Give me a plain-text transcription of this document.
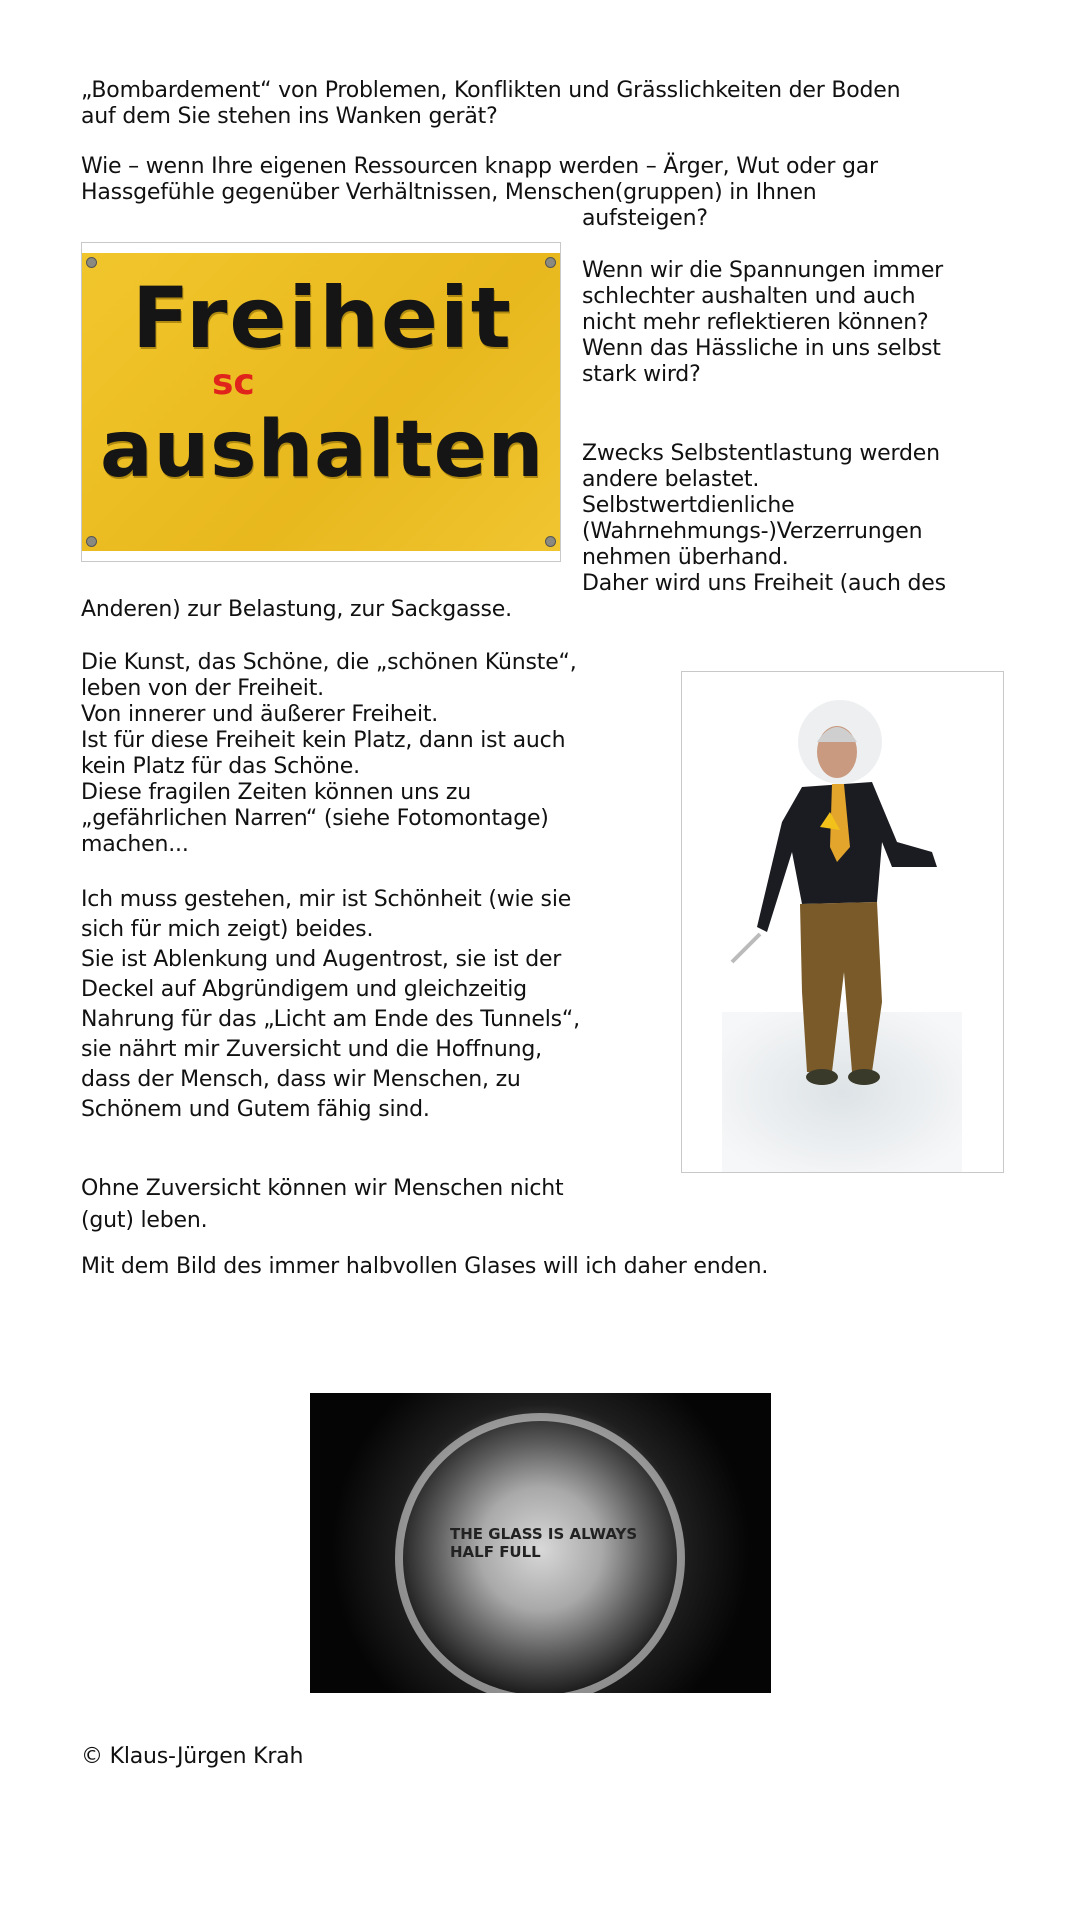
„Bombardement“ von Problemen, Konflikten und Grässlichkeiten der Boden
auf dem Sie stehen ins Wanken gerät?
Wie – wenn Ihre eigenen Ressourcen knapp werden – Ärger, Wut oder gar
Hassgefühle gegenüber Verhältnissen, Menschen(gruppen) in Ihnen
aufsteigen?
Freiheit
sc
aushalten
Wenn wir die Spannungen immer
schlechter aushalten und auch
nicht mehr reflektieren können?
Wenn das Hässliche in uns selbst
stark wird?
Zwecks Selbstentlastung werden
andere belastet.
Selbstwertdienliche
(Wahrnehmungs-)Verzerrungen
nehmen überhand.
Daher wird uns Freiheit (auch des
Anderen) zur Belastung, zur Sackgasse.
Die Kunst, das Schöne, die „schönen Künste“,
leben von der Freiheit.
Von innerer und äußerer Freiheit.
Ist für diese Freiheit kein Platz, dann ist auch
kein Platz für das Schöne.
Diese fragilen Zeiten können uns zu
„gefährlichen Narren“ (siehe Fotomontage)
machen...
Ich muss gestehen, mir ist Schönheit (wie sie
sich für mich zeigt) beides.
Sie ist Ablenkung und Augentrost, sie ist der
Deckel auf Abgründigem und gleichzeitig
Nahrung für das „Licht am Ende des Tunnels“,
sie nährt mir Zuversicht und die Hoffnung,
dass der Mensch, dass wir Menschen, zu
Schönem und Gutem fähig sind.
Ohne Zuversicht können wir Menschen nicht
(gut) leben.
Mit dem Bild des immer halbvollen Glases will ich daher enden.
THE GLASS IS ALWAYS
HALF FULL
© Klaus-Jürgen Krah
